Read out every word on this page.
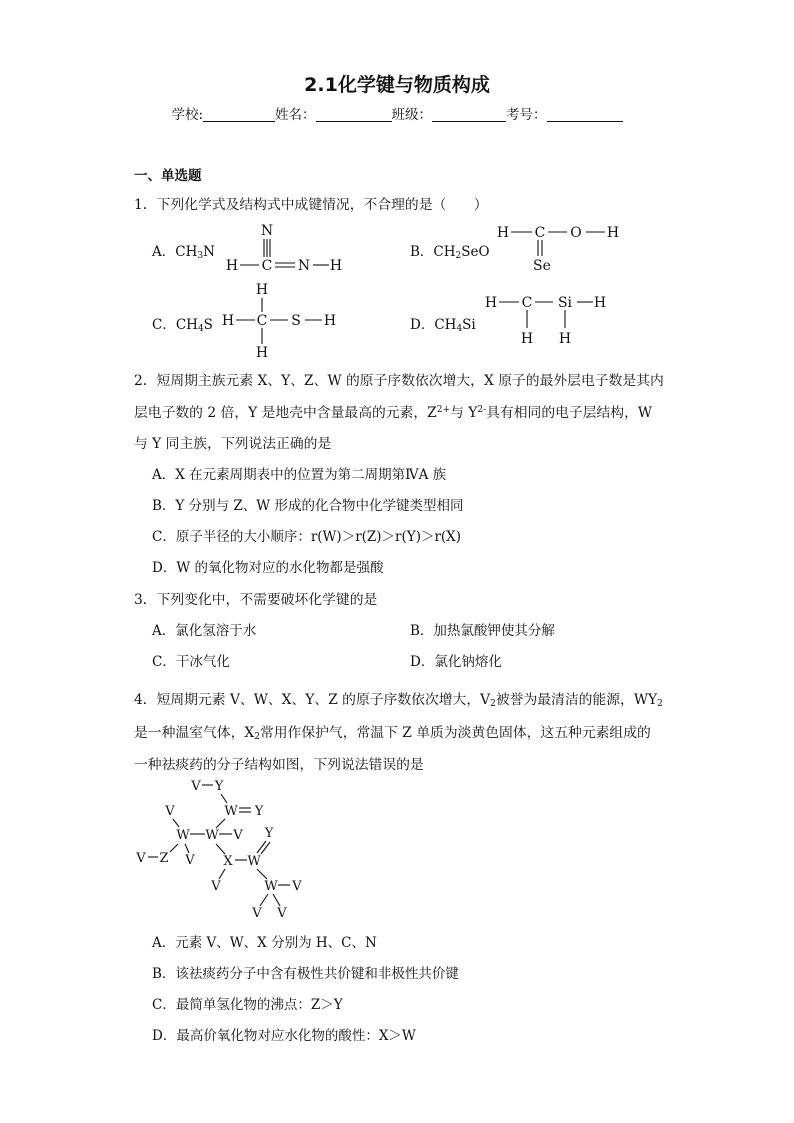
2.1化学键与物质构成
学校:	姓名：	班级：	考号：
一、单选题
1．下列化学式及结构式中成键情况，不合理的是（　　）
A．$CH_3N$	B．$CH_2SeO$
C．$CH_4S$	D．$CH_4Si$
N
H C N H
H C O H
Se
H
H C S H
H
H C Si H
H H
2．短周期主族元素 X、Y、Z、W 的原子序数依次增大，X 原子的最外层电子数是其内
层电子数的 2 倍，Y 是地壳中含量最高的元素，$Z^{2+}$与 $Y^{2-}$具有相同的电子层结构，W
与 Y 同主族，下列说法正确的是
A．X 在元素周期表中的位置为第二周期第ⅣA 族
B．Y 分别与 Z、W 形成的化合物中化学键类型相同
C．原子半径的大小顺序：r(W)＞r(Z)＞r(Y)＞r(X)
D．W 的氧化物对应的水化物都是强酸
3．下列变化中，不需要破坏化学键的是
A．氯化氢溶于水	B．加热氯酸钾使其分解
C．干冰气化	D．氯化钠熔化
4．短周期元素 V、W、X、Y、Z 的原子序数依次增大，$V_2$被誉为最清洁的能源，$WY_2$
是一种温室气体，$X_2$常用作保护气，常温下 Z 单质为淡黄色固体，这五种元素组成的
一种祛痰药的分子结构如图，下列说法错误的是
V Y
W Y
V
W W V Y
V Z V X W
V	W V
V V
A．元素 V、W、X 分别为 H、C、N
B．该祛痰药分子中含有极性共价键和非极性共价键
C．最简单氢化物的沸点：Z＞Y
D．最高价氧化物对应水化物的酸性：X＞W
